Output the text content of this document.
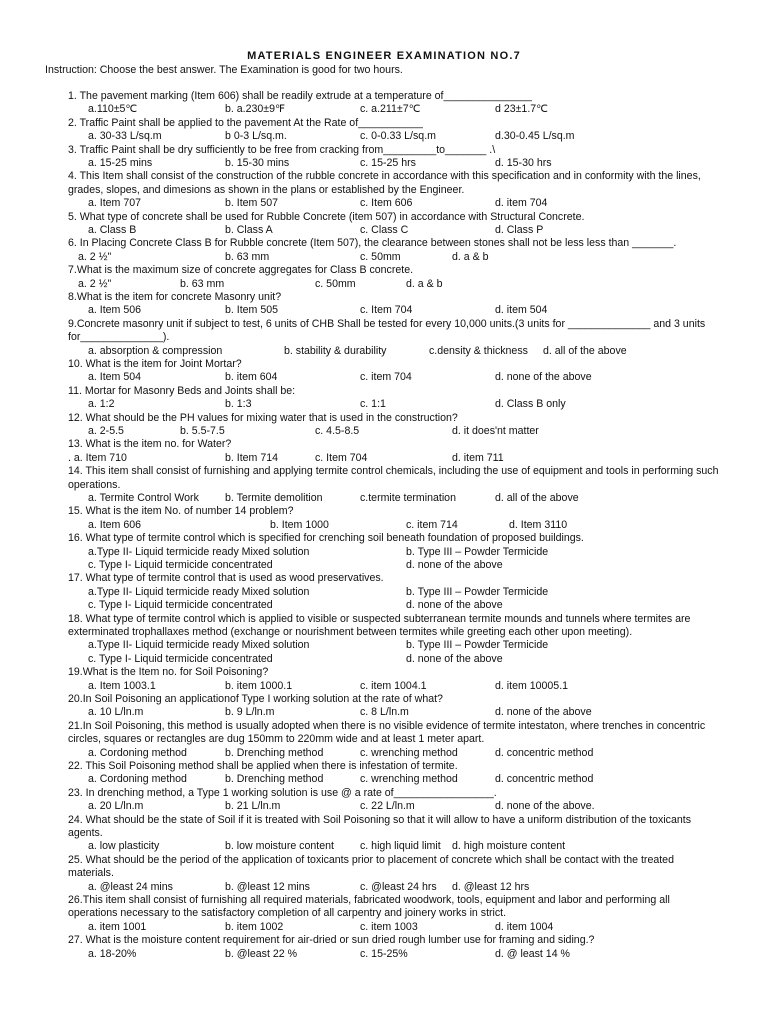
MATERIALS ENGINEER EXAMINATION NO.7
Instruction: Choose the best answer. The Examination is good for two hours.
1. The pavement marking (Item 606) shall be readily extrude at a temperature of_______________
a.110±5℃	b. a.230±9℉	c. a.211±7℃	d 23±1.7℃
2. Traffic Paint shall be applied to the pavement At the Rate of___________
a. 30-33 L/sq.m	b 0-3 L/sq.m.	c. 0-0.33 L/sq.m	d.30-0.45 L/sq.m
3. Traffic Paint shall be dry sufficiently to be free from cracking from_________to_______ .\
a. 15-25 mins	b. 15-30 mins	c. 15-25 hrs	d. 15-30 hrs
4. This Item shall consist of the construction of the rubble concrete in accordance with this specification and in conformity with the lines, grades, slopes, and dimesions as shown in the plans or established by the Engineer.
a. Item 707	b. Item 507	c. Item 606	d. item 704
5. What type of concrete shall be used for Rubble Concrete (item 507) in accordance with Structural Concrete.
a. Class B	b. Class A	c. Class C	d. Class P
6. In Placing Concrete Class B for Rubble concrete (Item 507), the clearance between stones shall not be less less than _______.
a. 2 ½"	b. 63 mm	c. 50mm	d. a & b
7.What is the maximum size of concrete aggregates for Class B concrete.
a. 2 ½"	b. 63 mm	c. 50mm	d. a & b
8.What is the item for concrete Masonry unit?
a. Item 506	b. Item 505	c. Item 704	d. item 504
9.Concrete masonry unit if subject to test, 6 units of CHB Shall be tested for every 10,000 units.(3 units for ______________ and 3 units for______________).
a. absorption & compression	b. stability & durability	c.density & thickness d. all of the above
10. What is the item for Joint Mortar?
a. Item 504	b. item 604	c. item 704	d. none of the above
11. Mortar for Masonry Beds and Joints shall be:
a. 1:2	b. 1:3	c. 1:1	d. Class B only
12. What should be the PH values for mixing water that is used in the construction?
a. 2-5.5	b. 5.5-7.5	c. 4.5-8.5	d. it does'nt matter
13. What is the item no. for Water?
. a. Item 710	b. Item 714	c. Item 704	d. item 711
14. This item shall consist of furnishing and applying termite control chemicals, including the use of equipment and tools in performing such operations.
a. Termite Control Work b. Termite demolition	c.termite termination	d. all of the above
15. What is the item No. of number 14 problem?
a. Item 606	b. Item 1000	c. item 714	d. Item 3110
16. What type of termite control which is specified for crenching soil beneath foundation of proposed buildings.
a.Type II- Liquid termicide ready Mixed solution	b. Type III – Powder Termicide
c. Type I- Liquid termicide concentrated	d. none of the above
17. What type of termite control that is used as wood preservatives.
a.Type II- Liquid termicide ready Mixed solution	b. Type III – Powder Termicide
c. Type I- Liquid termicide concentrated	d. none of the above
18. What type of termite control which is applied to visible or suspected subterranean termite mounds and tunnels where termites are exterminated trophallaxes method (exchange or nourishment between termites while greeting each other upon meeting).
a.Type II- Liquid termicide ready Mixed solution	b. Type III – Powder Termicide
c. Type I- Liquid termicide concentrated	d. none of the above
19.What is the Item no. for Soil Poisoning?
a. Item 1003.1	b. item 1000.1	c. item 1004.1	d. item 10005.1
20.In Soil Poisoning an applicationof Type I working solution at the rate of what?
a. 10 L/ln.m	b. 9 L/ln.m	c. 8 L/ln.m	d. none of the above
21.In Soil Poisoning, this method is usually adopted when there is no visible evidence of termite intestaton, where trenches in concentric circles, squares or rectangles are dug 150mm to 220mm wide and at least 1 meter apart.
a. Cordoning method	b. Drenching method	c. wrenching method	d. concentric method
22. This Soil Poisoning method shall be applied when there is infestation of termite.
a. Cordoning method	b. Drenching method	c. wrenching method	d. concentric method
23. In drenching method, a Type 1 working solution is use @ a rate of_________________.
a. 20 L/ln.m	b. 21 L/ln.m	c. 22 L/ln.m	d. none of the above.
24. What should be the state of Soil if it is treated with Soil Poisoning so that it will allow to have a uniform distribution of the toxicants agents.
a. low plasticity	b. low moisture content c. high liquid limit d. high moisture content
25. What should be the period of the application of toxicants prior to placement of concrete which shall be contact with the treated materials.
a. @least 24 mins	b. @least 12 mins	c. @least 24 hrs d. @least 12 hrs
26.This item shall consist of furnishing all required materials, fabricated woodwork, tools, equipment and labor and performing all operations necessary to the satisfactory completion of all carpentry and joinery works in strict.
a. item 1001	b. item 1002	c. item 1003	d. item 1004
27. What is the moisture content requirement for air-dried or sun dried rough lumber use for framing and siding.?
a. 18-20%	b. @least 22 %	c. 15-25%	d. @ least 14 %
